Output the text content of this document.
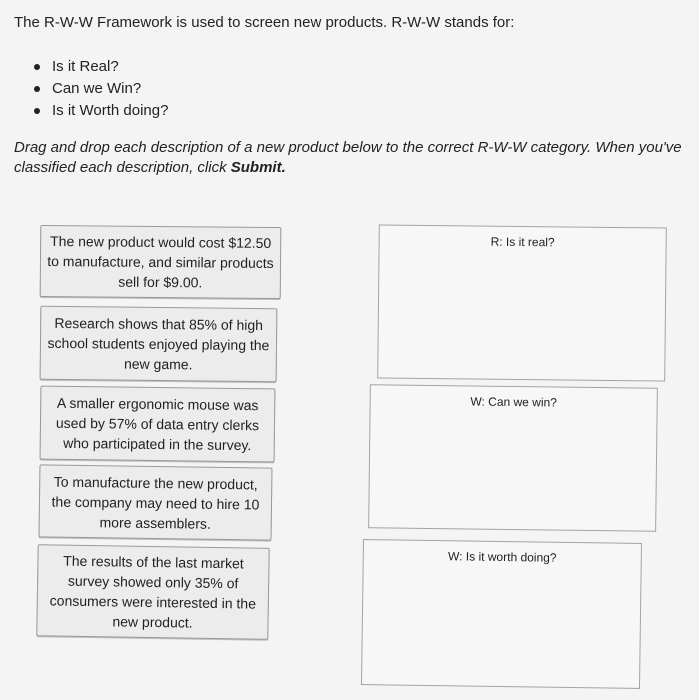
The R-W-W Framework is used to screen new products. R-W-W stands for:

Is it Real?
Can we Win?
Is it Worth doing?

Drag and drop each description of a new product below to the correct R-W-W category. When you've classified each description, click Submit.

The new product would cost $12.50 to manufacture, and similar products sell for $9.00.
Research shows that 85% of high school students enjoyed playing the new game.
A smaller ergonomic mouse was used by 57% of data entry clerks who participated in the survey.
To manufacture the new product, the company may need to hire 10 more assemblers.
The results of the last market survey showed only 35% of consumers were interested in the new product.
R: Is it real?
W: Can we win?
W: Is it worth doing?
